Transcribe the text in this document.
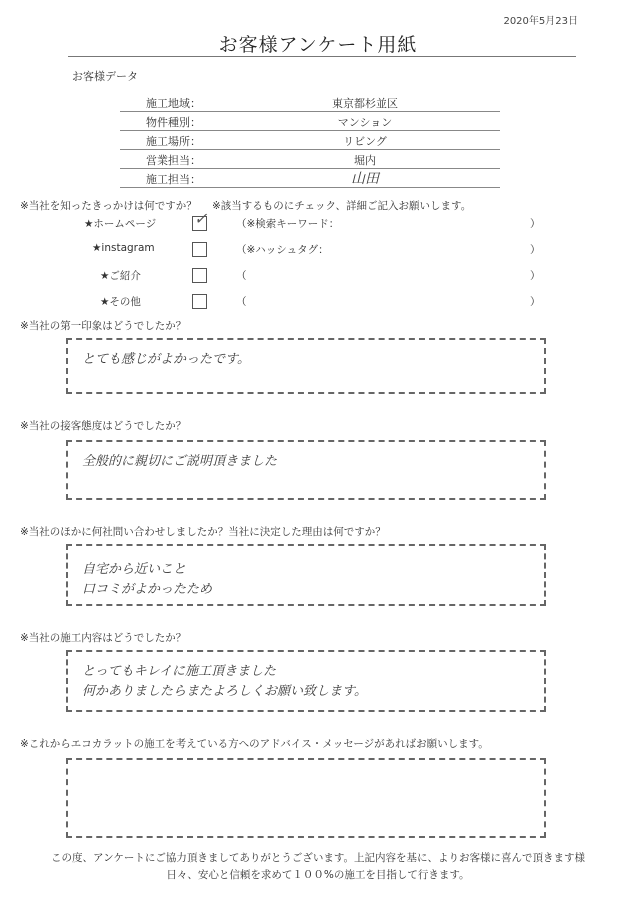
2020年5月23日
お客様アンケート用紙
お客様データ
施工地域：	東京都杉並区
物件種別：	マンション
施工場所：	リビング
営業担当：	堀内
施工担当：	山田
※当社を知ったきっかけは何ですか？ ※該当するものにチェック、詳細ご記入お願いします。
★ホームページ ✓	（※検索キーワード：	）
★instagram	（※ハッシュタグ：	）
★ご紹介	（	）
★その他	（	）
※当社の第一印象はどうでしたか？
とても感じがよかったです。
※当社の接客態度はどうでしたか？
全般的に親切にご説明頂きました
※当社のほかに何社問い合わせしましたか？当社に決定した理由は何ですか？
自宅から近いこと
口コミがよかったため
※当社の施工内容はどうでしたか？
とってもキレイに施工頂きました
何かありましたらまたよろしくお願い致します。
※これからエコカラットの施工を考えている方へのアドバイス・メッセージがあればお願いします。
この度、アンケートにご協力頂きましてありがとうございます。上記内容を基に、よりお客様に喜んで頂きます様
日々、安心と信頼を求めて１００%の施工を目指して行きます。
